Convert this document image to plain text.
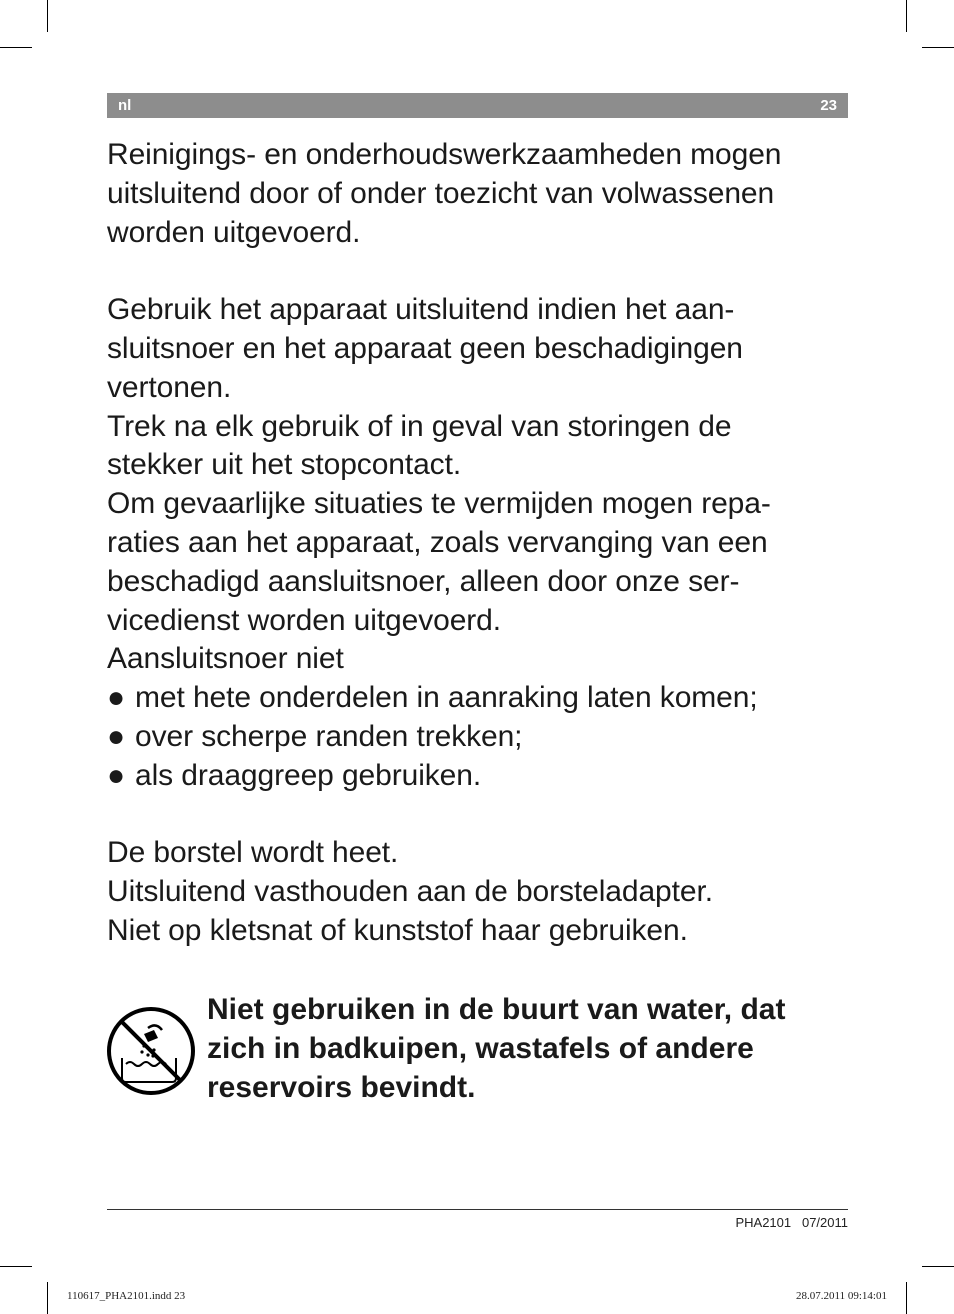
nl	23

Reinigings- en onderhoudswerkzaamheden mogen
uitsluitend door of onder toezicht van volwassenen
worden uitgevoerd.

Gebruik het apparaat uitsluitend indien het aan-
sluitsnoer en het apparaat geen beschadigingen
vertonen.

Trek na elk gebruik of in geval van storingen de
stekker uit het stopcontact.

Om gevaarlijke situaties te vermijden mogen repa-
raties aan het apparaat, zoals vervanging van een
beschadigd aansluitsnoer, alleen door onze ser-
vicedienst worden uitgevoerd.

Aansluitsnoer niet

● met hete onderdelen in aanraking laten komen;
● over scherpe randen trekken;
● als draaggreep gebruiken.

De borstel wordt heet.

Uitsluitend vasthouden aan de borsteladapter.

Niet op kletsnat of kunststof haar gebruiken.

Niet gebruiken in de buurt van water, dat
zich in badkuipen, wastafels of andere
reservoirs bevindt.
PHA2101 07/2011
110617_PHA2101.indd 23	28.07.2011 09:14:01
